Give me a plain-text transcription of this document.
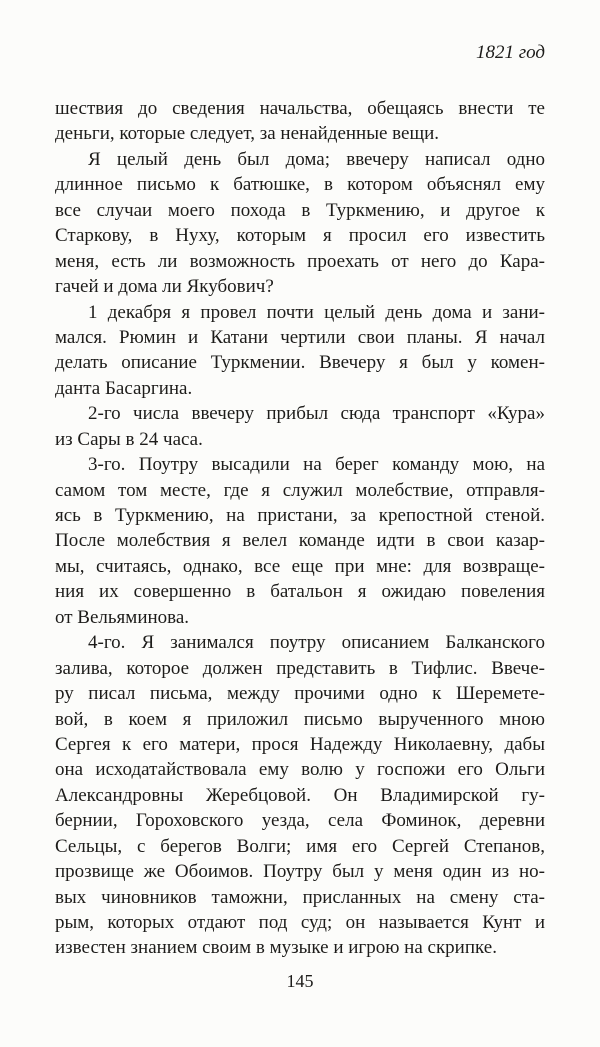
1821 год
шествия до сведения начальства, обещаясь внести те
деньги, которые следует, за ненайденные вещи.
Я целый день был дома; ввечеру написал одно
длинное письмо к батюшке, в котором объяснял ему
все случаи моего похода в Туркмению, и другое к
Старкову, в Нуху, которым я просил его известить
меня, есть ли возможность проехать от него до Кара-
гачей и дома ли Якубович?
1 декабря я провел почти целый день дома и зани-
мался. Рюмин и Катани чертили свои планы. Я начал
делать описание Туркмении. Ввечеру я был у комен-
данта Басаргина.
2-го числа ввечеру прибыл сюда транспорт «Кура»
из Сары в 24 часа.
3-го. Поутру высадили на берег команду мою, на
самом том месте, где я служил молебствие, отправля-
ясь в Туркмению, на пристани, за крепостной стеной.
После молебствия я велел команде идти в свои казар-
мы, считаясь, однако, все еще при мне: для возвраще-
ния их совершенно в батальон я ожидаю повеления
от Вельяминова.
4-го. Я занимался поутру описанием Балканского
залива, которое должен представить в Тифлис. Ввече-
ру писал письма, между прочими одно к Шеремете-
вой, в коем я приложил письмо вырученного мною
Сергея к его матери, прося Надежду Николаевну, дабы
она исходатайствовала ему волю у госпожи его Ольги
Александровны Жеребцовой. Он Владимирской гу-
бернии, Гороховского уезда, села Фоминок, деревни
Сельцы, с берегов Волги; имя его Сергей Степанов,
прозвище же Обоимов. Поутру был у меня один из но-
вых чиновников таможни, присланных на смену ста-
рым, которых отдают под суд; он называется Кунт и
известен знанием своим в музыке и игрою на скрипке.
145
